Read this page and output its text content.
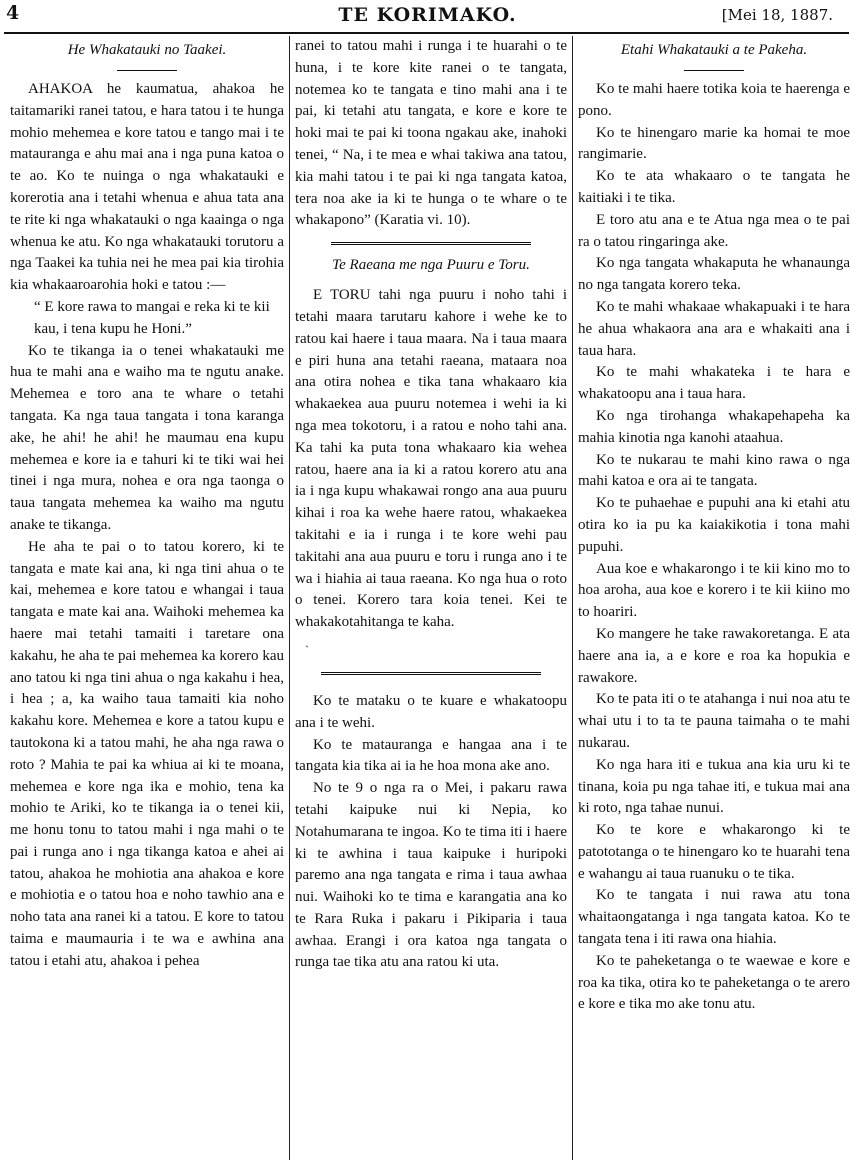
4	TE KORIMAKO.	[Mei 18, 1887.
He Whakatauki no Taakei.

AHAKOA he kaumatua, ahakoa he taitamariki ranei tatou, e hara tatou i te hunga mohio mehemea e kore tatou e tango mai i te matauranga e ahu mai ana i nga puna katoa o te ao. Ko te nuinga o nga whakatauki e korerotia ana i tetahi whenua e ahua tata ana te rite ki nga whakatauki o nga kaainga o nga whenua ke atu. Ko nga whakatauki torutoru a nga Taakei ka tuhia nei he mea pai kia tirohia kia whakaaroarohia hoki e tatou :—

“ E kore rawa to mangai e reka ki te kii kau, i tena kupu he Honi.”

Ko te tikanga ia o tenei whakatauki me hua te mahi ana e waiho ma te ngutu anake. Mehemea e toro ana te whare o tetahi tangata. Ka nga taua tangata i tona karanga ake, he ahi! he ahi! he maumau ena kupu mehemea e kore ia e tahuri ki te tiki wai hei tinei i nga mura, nohea e ora nga taonga o taua tangata mehemea ka waiho ma ngutu anake te tikanga.

He aha te pai o to tatou korero, ki te tangata e mate kai ana, ki nga tini ahua o te kai, mehemea e kore tatou e whangai i taua tangata e mate kai ana. Waihoki mehemea ka haere mai tetahi tamaiti i taretare ona kakahu, he aha te pai mehemea ka korero kau ano tatou ki nga tini ahua o nga kakahu i hea, i hea ; a, ka waiho taua tamaiti kia noho kakahu kore. Mehemea e kore a tatou kupu e tautokona ki a tatou mahi, he aha nga rawa o roto ? Mahia te pai ka whiua ai ki te moana, mehemea e kore nga ika e mohio, tena ka mohio te Ariki, ko te tikanga ia o tenei kii, me honu tonu to tatou mahi i nga mahi o te pai i runga ano i nga tikanga katoa e ahei ai tatou, ahakoa he mohiotia ana ahakoa e kore e mohiotia e o tatou hoa e noho tawhio ana e noho tata ana ranei ki a tatou. E kore to tatou taima e maumauria i te wa e awhina ana tatou i etahi atu, ahakoa i pehea

ranei to tatou mahi i runga i te huarahi o te huna, i te kore kite ranei o te tangata, notemea ko te tangata e tino mahi ana i te pai, ki tetahi atu tangata, e kore e kore te hoki mai te pai ki toona ngakau ake, inahoki tenei, “ Na, i te mea e whai takiwa ana tatou, kia mahi tatou i te pai ki nga tangata katoa, tera noa ake ia ki te hunga o te whare o te whakapono” (Karatia vi. 10).

Te Raeana me nga Puuru e Toru.

E TORU tahi nga puuru i noho tahi i tetahi maara tarutaru kahore i wehe ke to ratou kai haere i taua maara. Na i taua maara e piri huna ana tetahi raeana, mataara noa ana otira nohea e tika tana whakaaro kia whakaekea aua puuru notemea i wehi ia ki nga mea tokotoru, i a ratou e noho tahi ana. Ka tahi ka puta tona whakaaro kia wehea ratou, haere ana ia ki a ratou korero atu ana ia i nga kupu whakawai rongo ana aua puuru kihai i roa ka wehe haere ratou, whakaekea takitahi e ia i runga i te kore wehi pau takitahi ana aua puuru e toru i runga ano i te wa i hiahia ai taua raeana. Ko nga hua o roto o tenei. Korero tara koia tenei. Kei te whakakotahitanga te kaha.

`

Ko te mataku o te kuare e whakatoopu ana i te wehi.

Ko te matauranga e hangaa ana i te tangata kia tika ai ia he hoa mona ake ano.

No te 9 o nga ra o Mei, i pakaru rawa tetahi kaipuke nui ki Nepia, ko Notahumarana te ingoa. Ko te tima iti i haere ki te awhina i taua kaipuke i huripoki paremo ana nga tangata e rima i taua awhaa nui. Waihoki ko te tima e karangatia ana ko te Rara Ruka i pakaru i Pikiparia i taua awhaa. Erangi i ora katoa nga tangata o runga tae tika atu ana ratou ki uta.

Etahi Whakatauki a te Pakeha.

Ko te mahi haere totika koia te haerenga e pono.

Ko te hinengaro marie ka homai te moe rangimarie.

Ko te ata whakaaro o te tangata he kaitiaki i te tika.

E toro atu ana e te Atua nga mea o te pai ra o tatou ringaringa ake.

Ko nga tangata whakaputa he whanaunga no nga tangata korero teka.

Ko te mahi whakaae whakapuaki i te hara he ahua whakaora ana ara e whakaiti ana i taua hara.

Ko te mahi whakateka i te hara e whakatoopu ana i taua hara.

Ko nga tirohanga whakapehapeha ka mahia kinotia nga kanohi ataahua.

Ko te nukarau te mahi kino rawa o nga mahi katoa e ora ai te tangata.

Ko te puhaehae e pupuhi ana ki etahi atu otira ko ia pu ka kaiakikotia i tona mahi pupuhi.

Aua koe e whakarongo i te kii kino mo to hoa aroha, aua koe e korero i te kii kiino mo to hoariri.

Ko mangere he take rawakoretanga. E ata haere ana ia, a e kore e roa ka hopukia e rawakore.

Ko te pata iti o te atahanga i nui noa atu te whai utu i to ta te pauna taimaha o te mahi nukarau.

Ko nga hara iti e tukua ana kia uru ki te tinana, koia pu nga tahae iti, e tukua mai ana ki roto, nga tahae nunui.

Ko te kore e whakarongo ki te patototanga o te hinengaro ko te huarahi tena e wahangu ai taua ruanuku o te tika.

Ko te tangata i nui rawa atu tona whaitaongatanga i nga tangata katoa. Ko te tangata tena i iti rawa ona hiahia.

Ko te paheketanga o te waewae e kore e roa ka tika, otira ko te paheketanga o te arero e kore e tika mo ake tonu atu.
